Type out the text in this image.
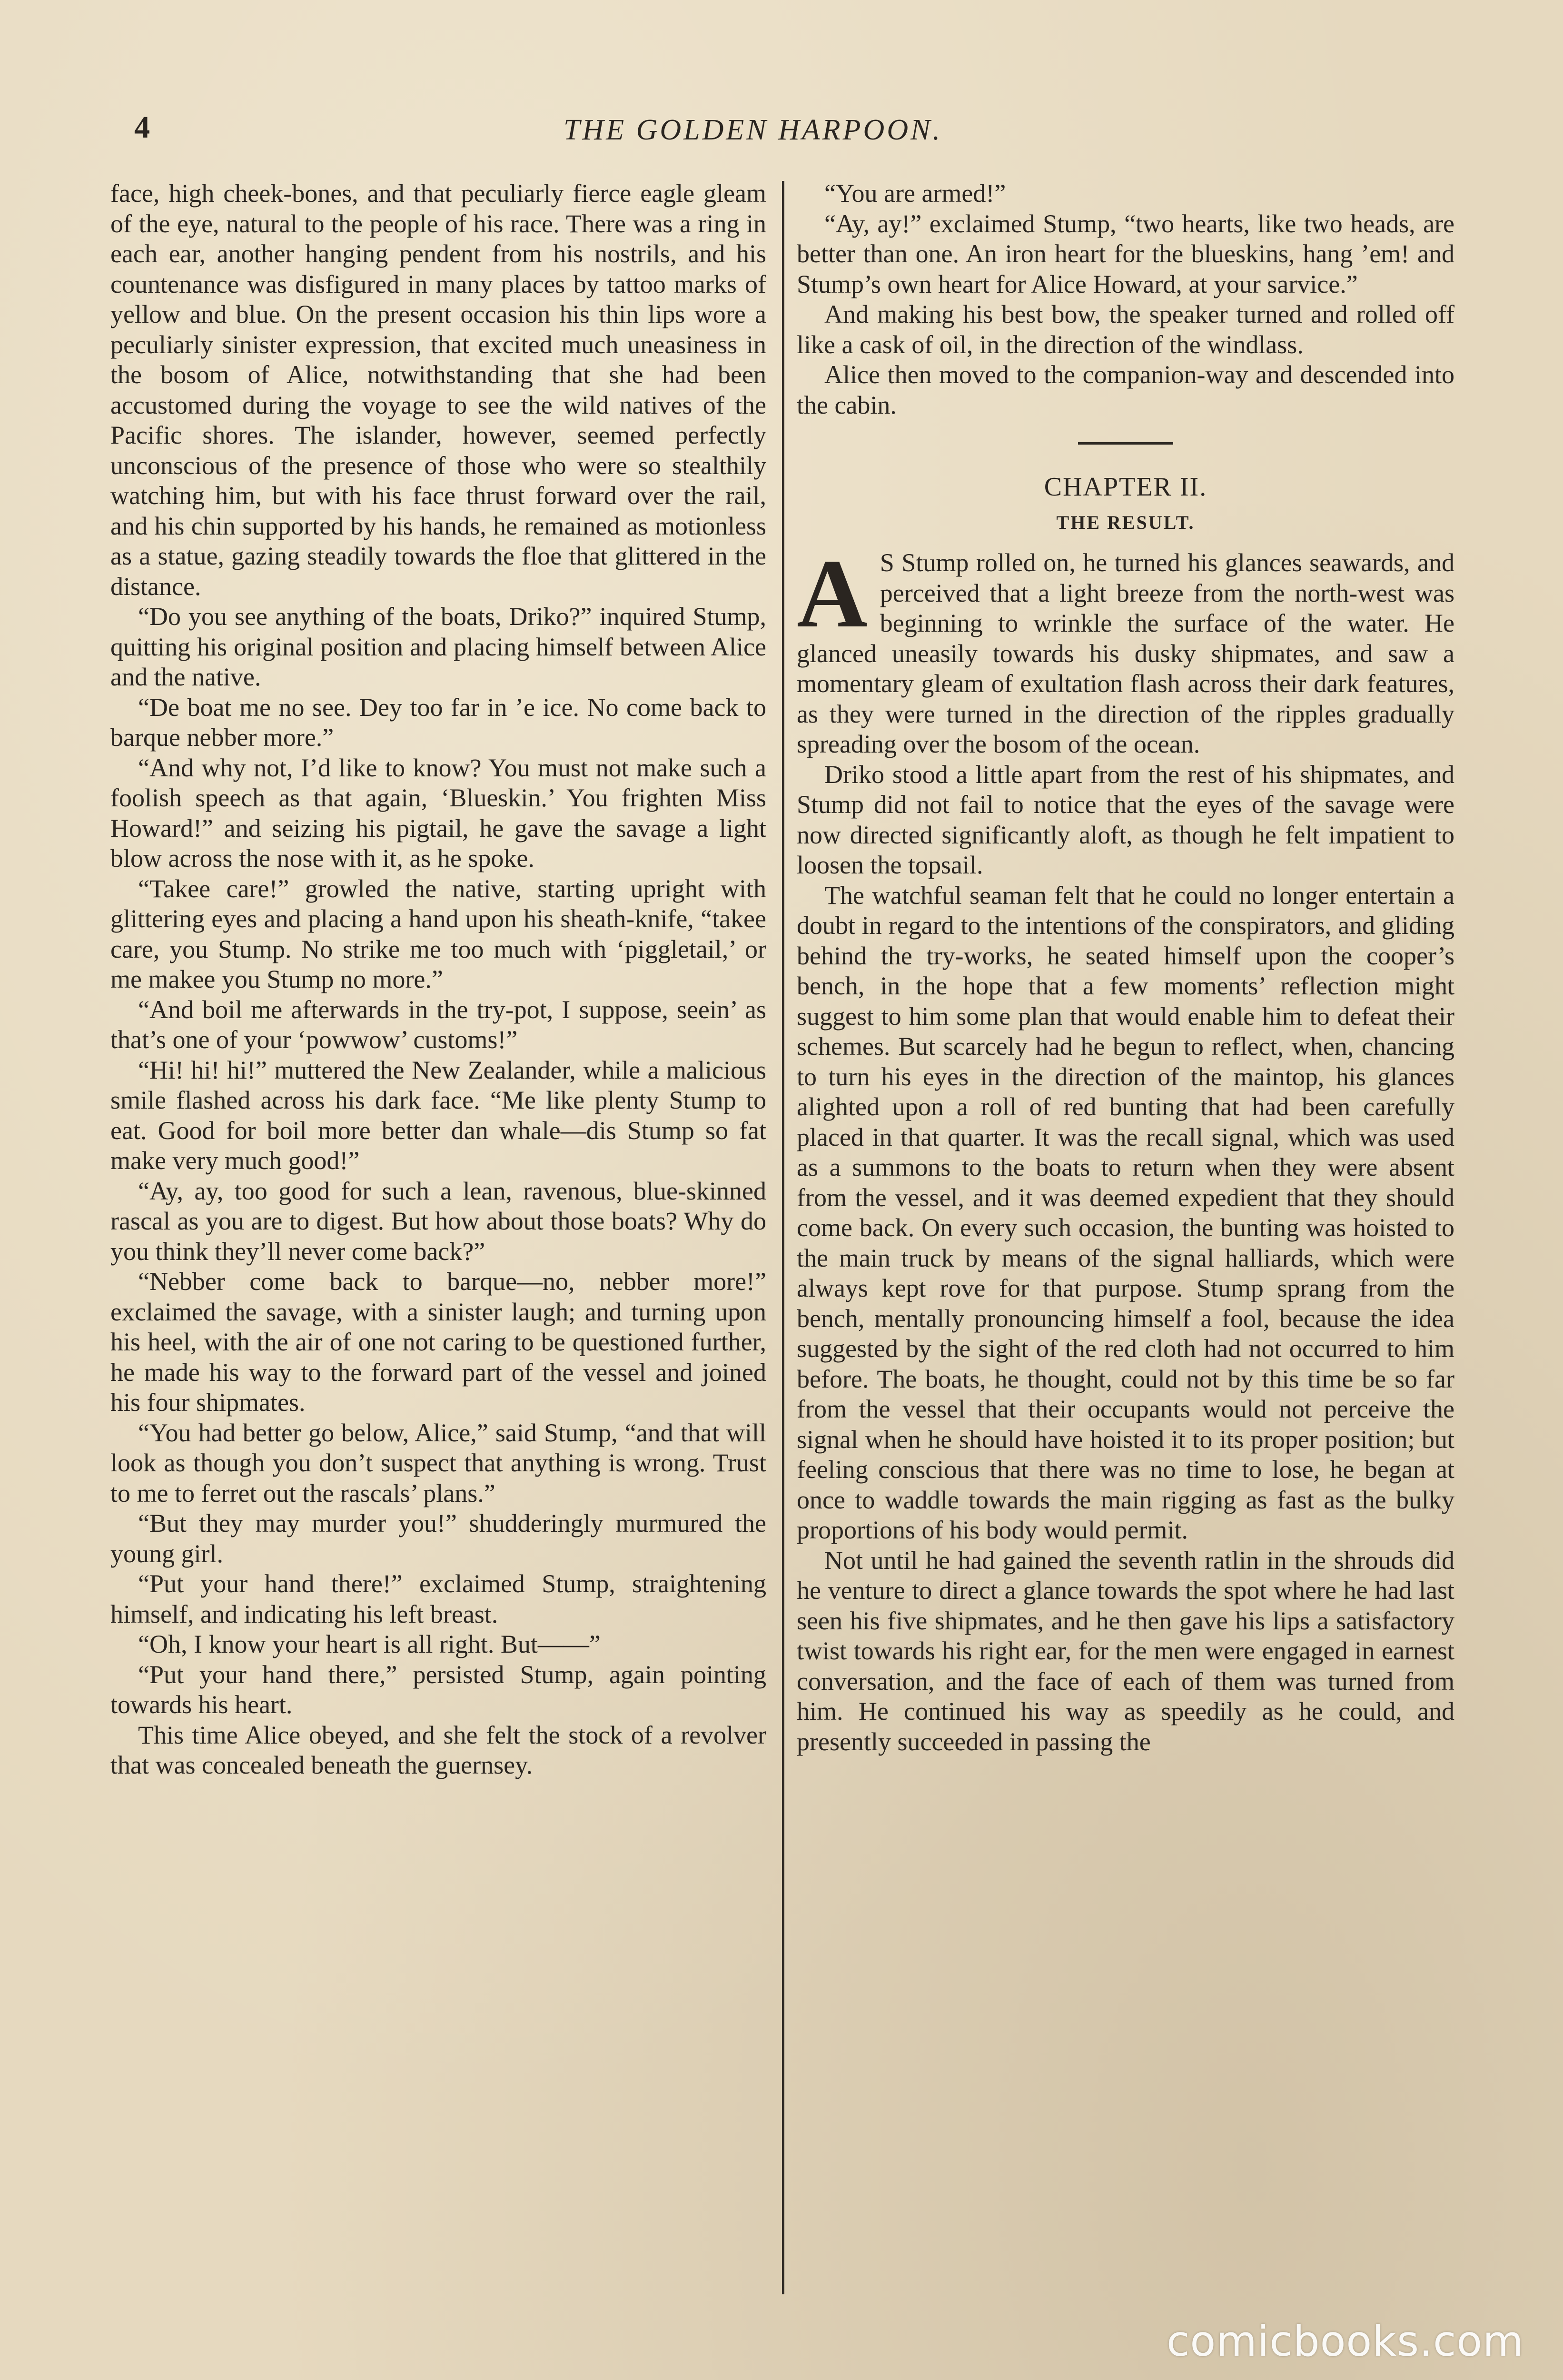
4	THE GOLDEN HARPOON.

face, high cheek-bones, and that peculiarly fierce eagle gleam of the eye, natural to the people of his race. There was a ring in each ear, another hanging pendent from his nostrils, and his countenance was disfigured in many places by tattoo marks of yellow and blue. On the present occasion his thin lips wore a peculiarly sinister expression, that excited much uneasiness in the bosom of Alice, notwithstanding that she had been accustomed during the voyage to see the wild natives of the Pacific shores. The islander, however, seemed perfectly unconscious of the presence of those who were so stealthily watching him, but with his face thrust forward over the rail, and his chin supported by his hands, he remained as motionless as a statue, gazing steadily towards the floe that glittered in the distance.

“Do you see anything of the boats, Driko?” inquired Stump, quitting his original position and placing himself between Alice and the native.

“De boat me no see. Dey too far in ’e ice. No come back to barque nebber more.”

“And why not, I’d like to know? You must not make such a foolish speech as that again, ‘Blueskin.’ You frighten Miss Howard!” and seizing his pigtail, he gave the savage a light blow across the nose with it, as he spoke.

“Takee care!” growled the native, starting upright with glittering eyes and placing a hand upon his sheath-knife, “takee care, you Stump. No strike me too much with ‘piggletail,’ or me makee you Stump no more.”

“And boil me afterwards in the try-pot, I suppose, seein’ as that’s one of your ‘powwow’ customs!”

“Hi! hi! hi!” muttered the New Zealander, while a malicious smile flashed across his dark face. “Me like plenty Stump to eat. Good for boil more better dan whale—dis Stump so fat make very much good!”

“Ay, ay, too good for such a lean, ravenous, blue-skinned rascal as you are to digest. But how about those boats? Why do you think they’ll never come back?”

“Nebber come back to barque—no, nebber more!” exclaimed the savage, with a sinister laugh; and turning upon his heel, with the air of one not caring to be questioned further, he made his way to the forward part of the vessel and joined his four shipmates.

“You had better go below, Alice,” said Stump, “and that will look as though you don’t suspect that anything is wrong. Trust to me to ferret out the rascals’ plans.”

“But they may murder you!” shudderingly murmured the young girl.

“Put your hand there!” exclaimed Stump, straightening himself, and indicating his left breast.

“Oh, I know your heart is all right. But——”

“Put your hand there,” persisted Stump, again pointing towards his heart.

This time Alice obeyed, and she felt the stock of a revolver that was concealed beneath the guernsey.

“You are armed!”

“Ay, ay!” exclaimed Stump, “two hearts, like two heads, are better than one. An iron heart for the blueskins, hang ’em! and Stump’s own heart for Alice Howard, at your sarvice.”

And making his best bow, the speaker turned and rolled off like a cask of oil, in the direction of the windlass.

Alice then moved to the companion-way and descended into the cabin.

CHAPTER II.
THE RESULT.

A S Stump rolled on, he turned his glances seawards, and perceived that a light breeze from the north-west was beginning to wrinkle the surface of the water. He glanced uneasily towards his dusky shipmates, and saw a momentary gleam of exultation flash across their dark features, as they were turned in the direction of the ripples gradually spreading over the bosom of the ocean.

Driko stood a little apart from the rest of his shipmates, and Stump did not fail to notice that the eyes of the savage were now directed significantly aloft, as though he felt impatient to loosen the topsail.

The watchful seaman felt that he could no longer entertain a doubt in regard to the intentions of the conspirators, and gliding behind the try-works, he seated himself upon the cooper’s bench, in the hope that a few moments’ reflection might suggest to him some plan that would enable him to defeat their schemes. But scarcely had he begun to reflect, when, chancing to turn his eyes in the direction of the maintop, his glances alighted upon a roll of red bunting that had been carefully placed in that quarter. It was the recall signal, which was used as a summons to the boats to return when they were absent from the vessel, and it was deemed expedient that they should come back. On every such occasion, the bunting was hoisted to the main truck by means of the signal halliards, which were always kept rove for that purpose. Stump sprang from the bench, mentally pronouncing himself a fool, because the idea suggested by the sight of the red cloth had not occurred to him before. The boats, he thought, could not by this time be so far from the vessel that their occupants would not perceive the signal when he should have hoisted it to its proper position; but feeling conscious that there was no time to lose, he began at once to waddle towards the main rigging as fast as the bulky proportions of his body would permit.

Not until he had gained the seventh ratlin in the shrouds did he venture to direct a glance towards the spot where he had last seen his five shipmates, and he then gave his lips a satisfactory twist towards his right ear, for the men were engaged in earnest conversation, and the face of each of them was turned from him. He continued his way as speedily as he could, and presently succeeded in passing the

comicbooks.com
